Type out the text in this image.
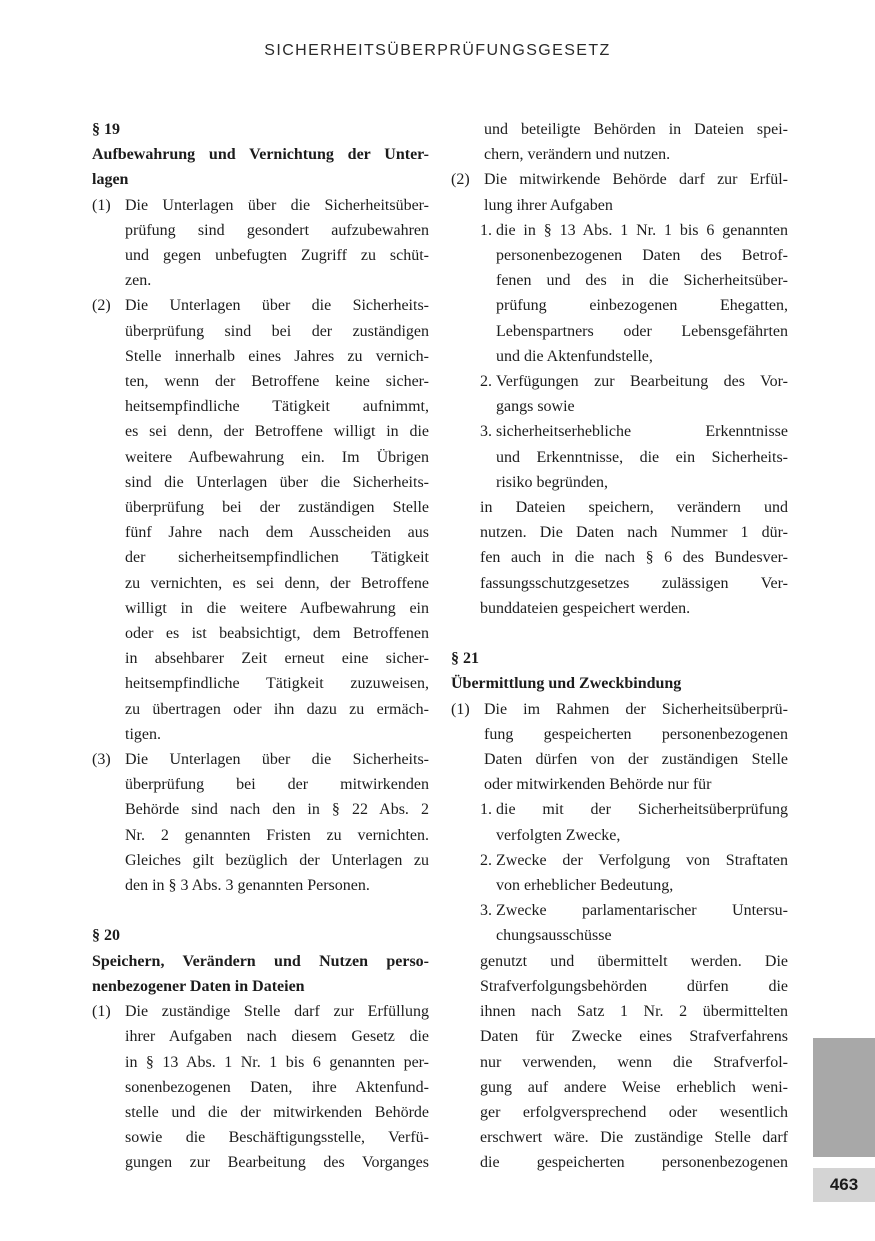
SICHERHEITSÜBERPRÜFUNGSGESETZ
§ 19
Aufbewahrung und Vernichtung der Unter-
lagen
(1) Die Unterlagen über die Sicherheitsüber-
prüfung sind gesondert aufzubewahren
und gegen unbefugten Zugriff zu schüt-
zen.
(2) Die Unterlagen über die Sicherheits-
überprüfung sind bei der zuständigen
Stelle innerhalb eines Jahres zu vernich-
ten, wenn der Betroffene keine sicher-
heitsempfindliche Tätigkeit aufnimmt,
es sei denn, der Betroffene willigt in die
weitere Aufbewahrung ein. Im Übrigen
sind die Unterlagen über die Sicherheits-
überprüfung bei der zuständigen Stelle
fünf Jahre nach dem Ausscheiden aus
der sicherheitsempfindlichen Tätigkeit
zu vernichten, es sei denn, der Betroffene
willigt in die weitere Aufbewahrung ein
oder es ist beabsichtigt, dem Betroffenen
in absehbarer Zeit erneut eine sicher-
heitsempfindliche Tätigkeit zuzuweisen,
zu übertragen oder ihn dazu zu ermäch-
tigen.
(3) Die Unterlagen über die Sicherheits-
überprüfung bei der mitwirkenden
Behörde sind nach den in § 22 Abs. 2
Nr. 2 genannten Fristen zu vernichten.
Gleiches gilt bezüglich der Unterlagen zu
den in § 3 Abs. 3 genannten Personen.
§ 20
Speichern, Verändern und Nutzen perso-
nenbezogener Daten in Dateien
(1) Die zuständige Stelle darf zur Erfüllung
ihrer Aufgaben nach diesem Gesetz die
in § 13 Abs. 1 Nr. 1 bis 6 genannten per-
sonenbezogenen Daten, ihre Aktenfund-
stelle und die der mitwirkenden Behörde
sowie die Beschäftigungsstelle, Verfü-
gungen zur Bearbeitung des Vorganges
und beteiligte Behörden in Dateien spei-
chern, verändern und nutzen.
(2) Die mitwirkende Behörde darf zur Erfül-
lung ihrer Aufgaben
1. die in § 13 Abs. 1 Nr. 1 bis 6 genannten
personenbezogenen Daten des Betrof-
fenen und des in die Sicherheitsüber-
prüfung einbezogenen Ehegatten,
Lebenspartners oder Lebensgefährten
und die Aktenfundstelle,
2. Verfügungen zur Bearbeitung des Vor-
gangs sowie
3. sicherheitserhebliche Erkenntnisse
und Erkenntnisse, die ein Sicherheits-
risiko begründen,
in Dateien speichern, verändern und
nutzen. Die Daten nach Nummer 1 dür-
fen auch in die nach § 6 des Bundesver-
fassungsschutzgesetzes zulässigen Ver-
bunddateien gespeichert werden.
§ 21
Übermittlung und Zweckbindung
(1) Die im Rahmen der Sicherheitsüberprü-
fung gespeicherten personenbezogenen
Daten dürfen von der zuständigen Stelle
oder mitwirkenden Behörde nur für
1. die mit der Sicherheitsüberprüfung
verfolgten Zwecke,
2. Zwecke der Verfolgung von Straftaten
von erheblicher Bedeutung,
3. Zwecke parlamentarischer Untersu-
chungsausschüsse
genutzt und übermittelt werden. Die
Strafverfolgungsbehörden dürfen die
ihnen nach Satz 1 Nr. 2 übermittelten
Daten für Zwecke eines Strafverfahrens
nur verwenden, wenn die Strafverfol-
gung auf andere Weise erheblich weni-
ger erfolgversprechend oder wesentlich
erschwert wäre. Die zuständige Stelle darf
die gespeicherten personenbezogenen
463
